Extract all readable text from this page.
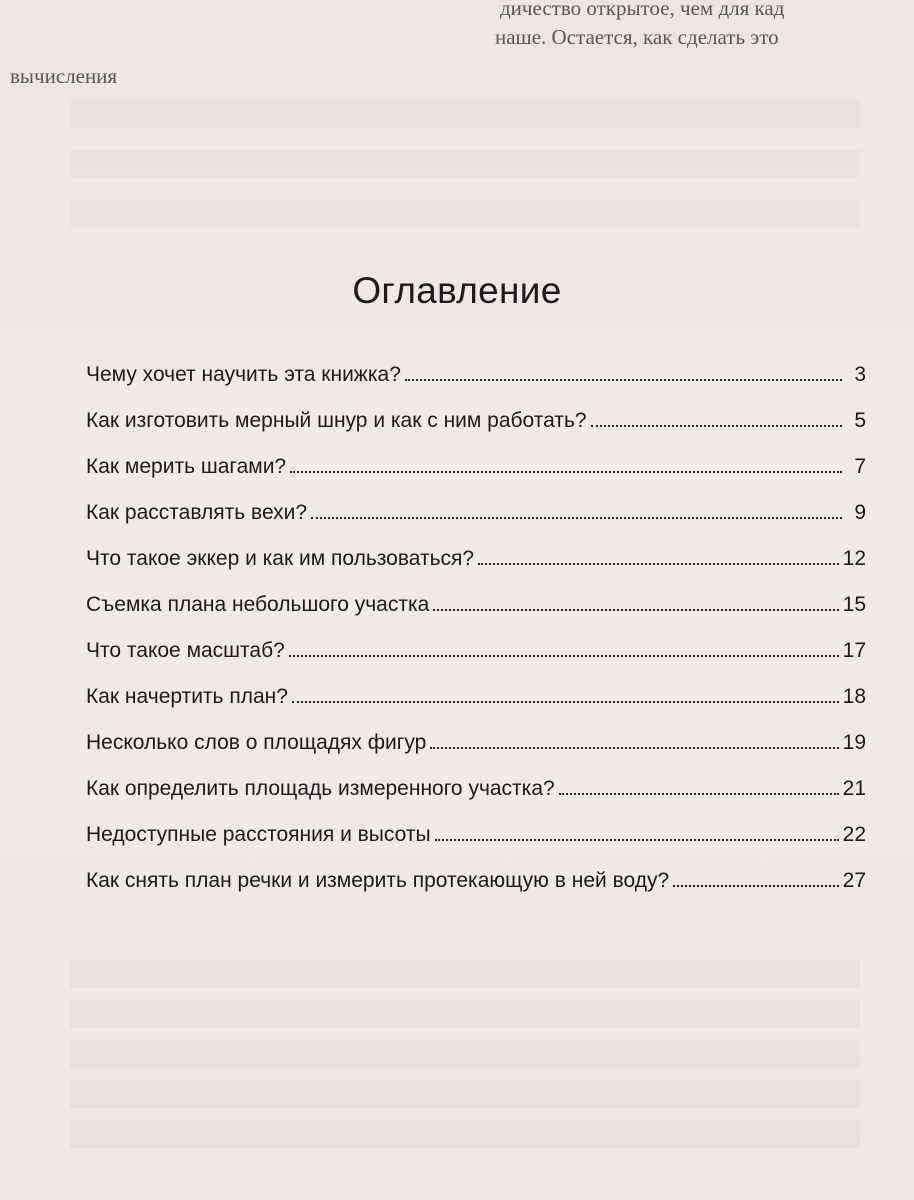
дичество открытое, чем для кад
наше. Остается, как сделать это
вычисления
Оглавление
Чему хочет научить эта книжка?	3
Как изготовить мерный шнур и как с ним работать?	5
Как мерить шагами?	7
Как расставлять вехи?	9
Что такое эккер и как им пользоваться?	12
Съемка плана небольшого участка	15
Что такое масштаб?	17
Как начертить план?	18
Несколько слов о площадях фигур	19
Как определить площадь измеренного участка?	21
Недоступные расстояния и высоты	22
Как снять план речки и измерить протекающую в ней воду?	27
